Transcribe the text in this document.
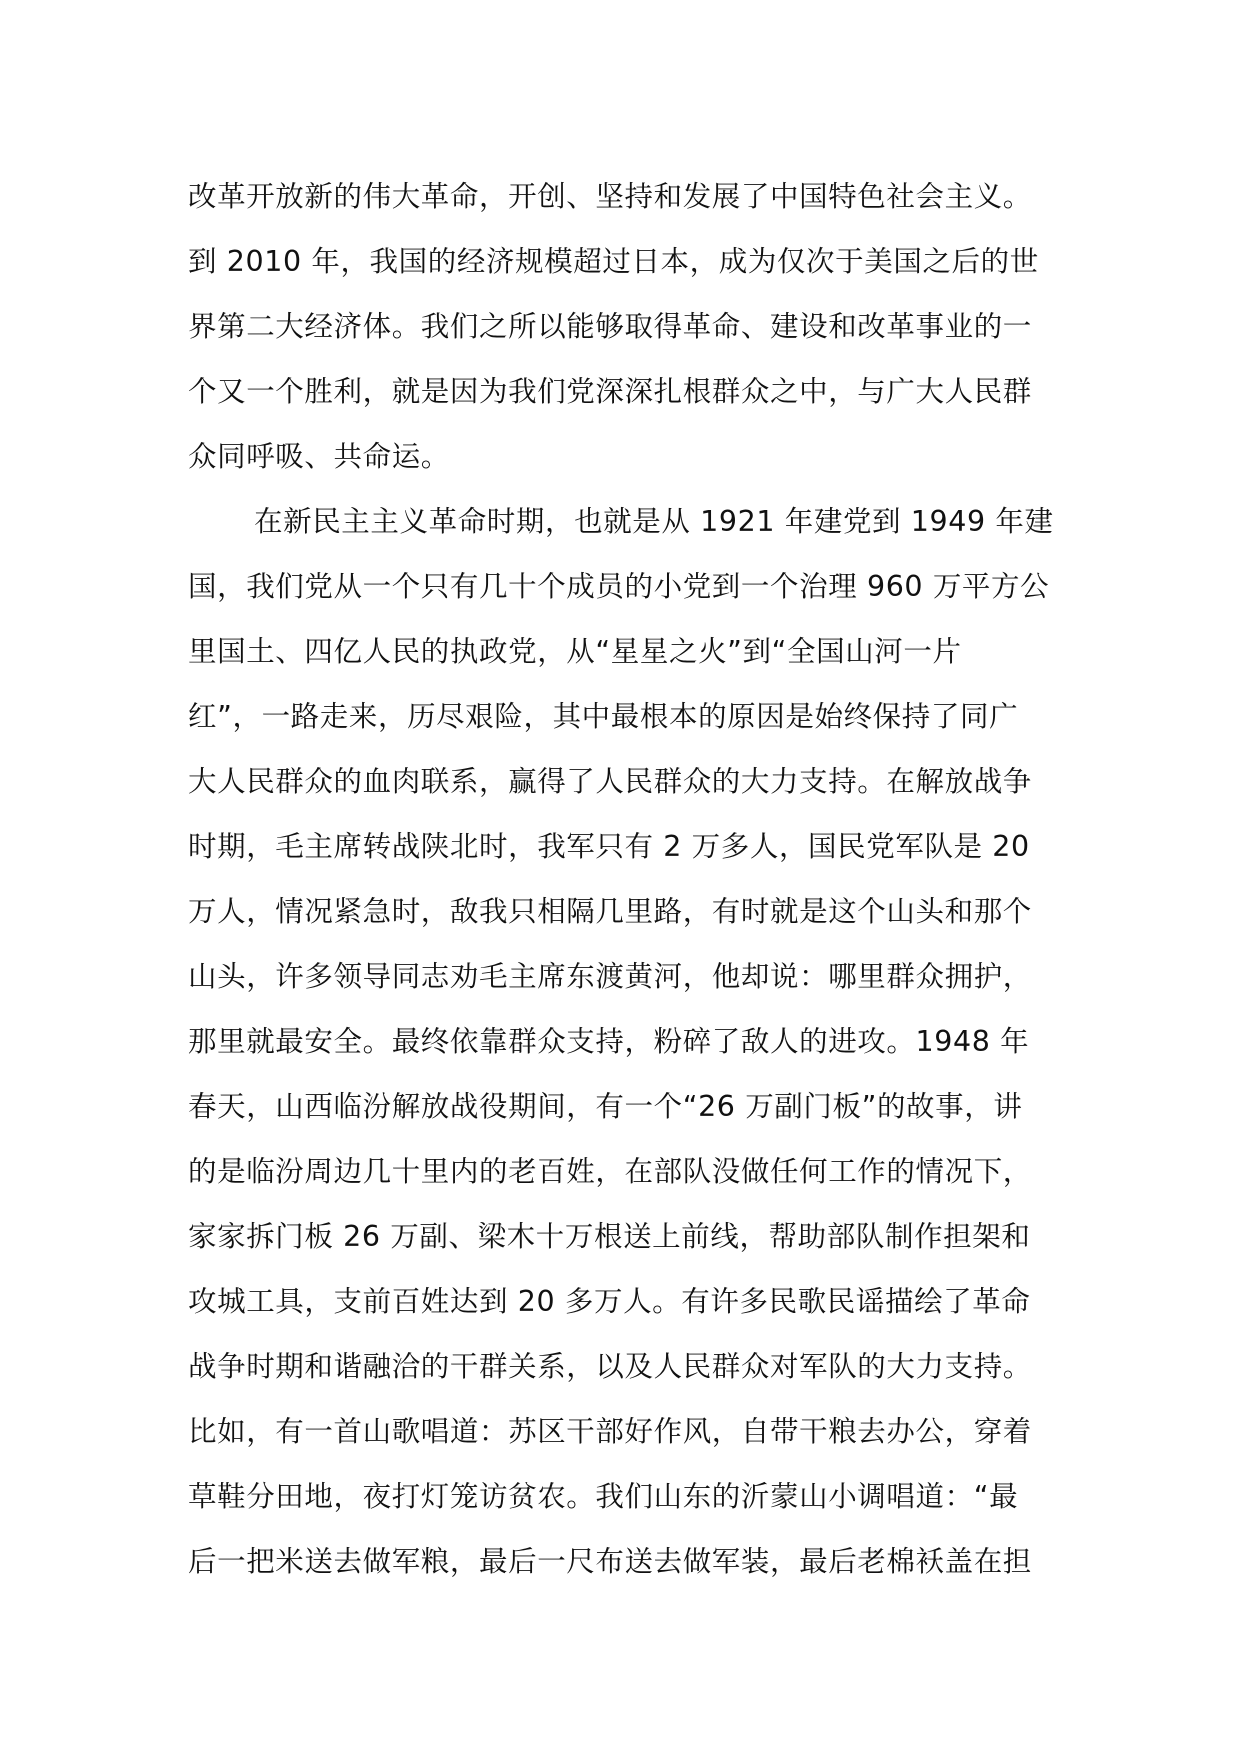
改革开放新的伟大革命，开创、坚持和发展了中国特色社会主义。

到 2010 年，我国的经济规模超过日本，成为仅次于美国之后的世

界第二大经济体。我们之所以能够取得革命、建设和改革事业的一

个又一个胜利，就是因为我们党深深扎根群众之中，与广大人民群

众同呼吸、共命运。

在新民主主义革命时期，也就是从 1921 年建党到 1949 年建

国，我们党从一个只有几十个成员的小党到一个治理 960 万平方公

里国土、四亿人民的执政党，从“星星之火”到“全国山河一片

红”，一路走来，历尽艰险，其中最根本的原因是始终保持了同广

大人民群众的血肉联系，赢得了人民群众的大力支持。在解放战争

时期，毛主席转战陕北时，我军只有 2 万多人，国民党军队是 20

万人，情况紧急时，敌我只相隔几里路，有时就是这个山头和那个

山头，许多领导同志劝毛主席东渡黄河，他却说：哪里群众拥护，

那里就最安全。最终依靠群众支持，粉碎了敌人的进攻。1948 年

春天，山西临汾解放战役期间，有一个“26 万副门板”的故事，讲

的是临汾周边几十里内的老百姓，在部队没做任何工作的情况下，

家家拆门板 26 万副、梁木十万根送上前线，帮助部队制作担架和

攻城工具，支前百姓达到 20 多万人。有许多民歌民谣描绘了革命

战争时期和谐融洽的干群关系，以及人民群众对军队的大力支持。

比如，有一首山歌唱道：苏区干部好作风，自带干粮去办公，穿着

草鞋分田地，夜打灯笼访贫农。我们山东的沂蒙山小调唱道：“最

后一把米送去做军粮，最后一尺布送去做军装，最后老棉袄盖在担
